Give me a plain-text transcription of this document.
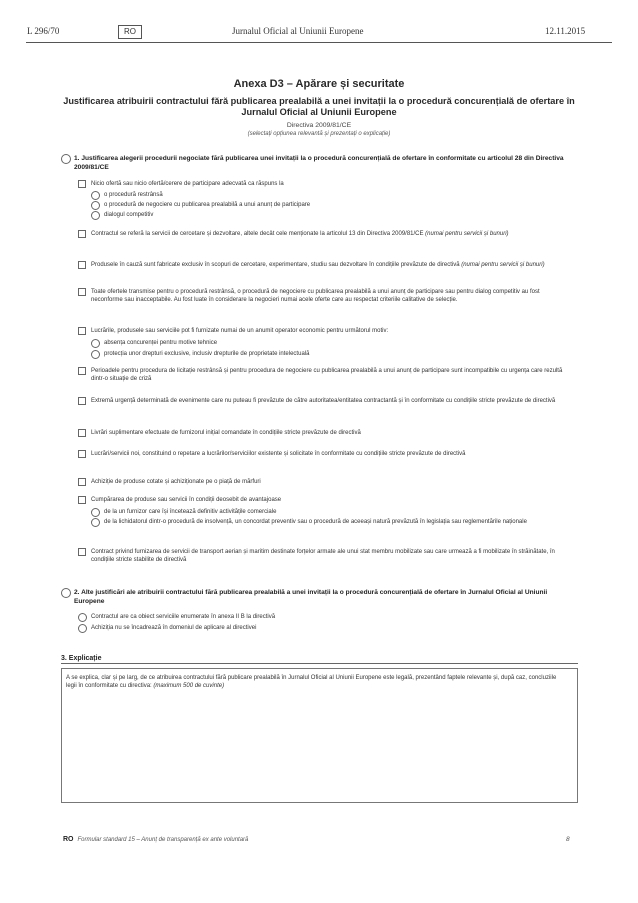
L 296/70	RO	Jurnalul Oficial al Uniunii Europene	12.11.2015
Anexa D3 – Apărare și securitate
Justificarea atribuirii contractului fără publicarea prealabilă a unei invitații la o procedură concurențială de ofertare în Jurnalul Oficial al Uniunii Europene
Directiva 2009/81/CE
(selectați opțiunea relevantă și prezentați o explicație)
1. Justificarea alegerii procedurii negociate fără publicarea unei invitații la o procedură concurențială de ofertare în conformitate cu articolul 28 din Directiva 2009/81/CE
Nicio ofertă sau nicio ofertă/cerere de participare adecvată ca răspuns la
o procedură restrânsă
o procedură de negociere cu publicarea prealabilă a unui anunț de participare
dialogul competitiv
Contractul se referă la servicii de cercetare și dezvoltare, altele decât cele menționate la articolul 13 din Directiva 2009/81/CE (numai pentru servicii și bunuri)
Produsele în cauză sunt fabricate exclusiv în scopuri de cercetare, experimentare, studiu sau dezvoltare în condițiile prevăzute de directivă (numai pentru servicii și bunuri)
Toate ofertele transmise pentru o procedură restrânsă, o procedură de negociere cu publicarea prealabilă a unui anunț de participare sau pentru dialog competitiv au fost neconforme sau inacceptabile. Au fost luate în considerare la negocieri numai acele oferte care au respectat criteriile calitative de selecție.
Lucrările, produsele sau serviciile pot fi furnizate numai de un anumit operator economic pentru următorul motiv:
absența concurenței pentru motive tehnice
protecția unor drepturi exclusive, inclusiv drepturile de proprietate intelectuală
Perioadele pentru procedura de licitație restrânsă și pentru procedura de negociere cu publicarea prealabilă a unui anunț de participare sunt incompatibile cu urgența care rezultă dintr-o situație de criză
Extremă urgență determinată de evenimente care nu puteau fi prevăzute de către autoritatea/entitatea contractantă și în conformitate cu condițiile stricte prevăzute de directivă
Livrări suplimentare efectuate de furnizorul inițial comandate în condițiile stricte prevăzute de directivă
Lucrări/servicii noi, constituind o repetare a lucrărilor/serviciilor existente și solicitate în conformitate cu condițiile stricte prevăzute de directivă
Achiziție de produse cotate și achiziționate pe o piață de mărfuri
Cumpărarea de produse sau servicii în condiții deosebit de avantajoase
de la un furnizor care își încetează definitiv activitățile comerciale
de la lichidatorul dintr-o procedură de insolvență, un concordat preventiv sau o procedură de aceeași natură prevăzută în legislația sau reglementările naționale
Contract privind furnizarea de servicii de transport aerian și maritim destinate forțelor armate ale unui stat membru mobilizate sau care urmează a fi mobilizate în străinătate, în condițiile stricte stabilite de directivă
2. Alte justificări ale atribuirii contractului fără publicarea prealabilă a unei invitații la o procedură concurențială de ofertare în Jurnalul Oficial al Uniunii Europene
Contractul are ca obiect serviciile enumerate în anexa II B la directivă
Achiziția nu se încadrează în domeniul de aplicare al directivei
3. Explicație
A se explica, clar și pe larg, de ce atribuirea contractului fără publicare prealabilă în Jurnalul Oficial al Uniunii Europene este legală, prezentând faptele relevante și, după caz, concluziile legii în conformitate cu directiva: (maximum 500 de cuvinte)
RO Formular standard 15 – Anunț de transparență ex ante voluntară	8
